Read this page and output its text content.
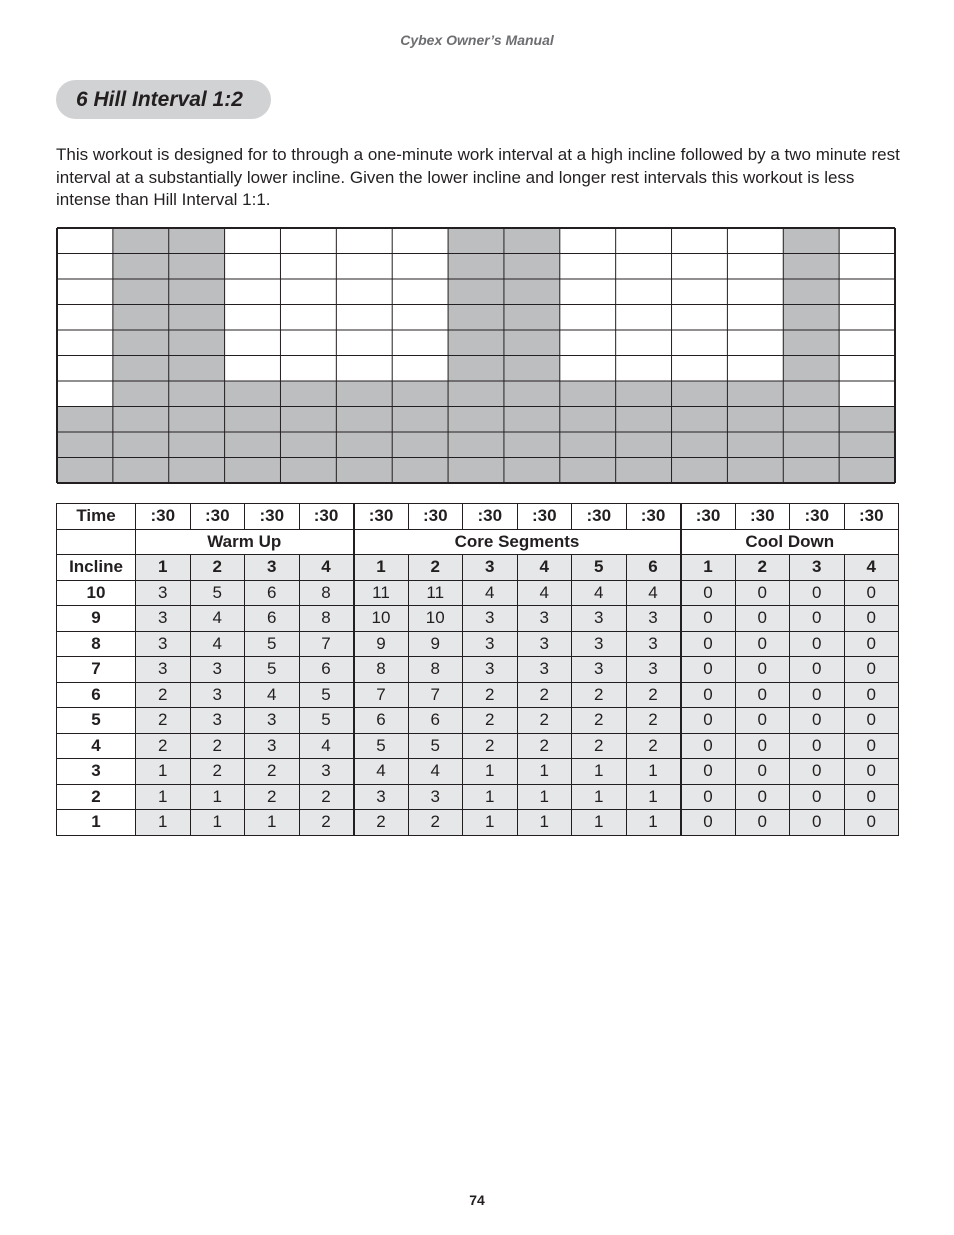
Cybex Owner’s Manual
6 Hill Interval 1:2

This workout is designed for to through a one-minute work interval at a high incline followed by a two minute rest interval at a substantially lower incline. Given the lower incline and longer rest intervals this workout is less intense than Hill Interval 1:1.

Time	:30	:30	:30	:30	:30	:30	:30	:30	:30	:30	:30	:30	:30	:30
	Warm Up				Core Segments						Cool Down			
Incline	1	2	3	4	1	2	3	4	5	6	1	2	3	4
10	3	5	6	8	11	11	4	4	4	4	0	0	0	0
9	3	4	6	8	10	10	3	3	3	3	0	0	0	0
8	3	4	5	7	9	9	3	3	3	3	0	0	0	0
7	3	3	5	6	8	8	3	3	3	3	0	0	0	0
6	2	3	4	5	7	7	2	2	2	2	0	0	0	0
5	2	3	3	5	6	6	2	2	2	2	0	0	0	0
4	2	2	3	4	5	5	2	2	2	2	0	0	0	0
3	1	2	2	3	4	4	1	1	1	1	0	0	0	0
2	1	1	2	2	3	3	1	1	1	1	0	0	0	0
1	1	1	1	2	2	2	1	1	1	1	0	0	0	0
74
